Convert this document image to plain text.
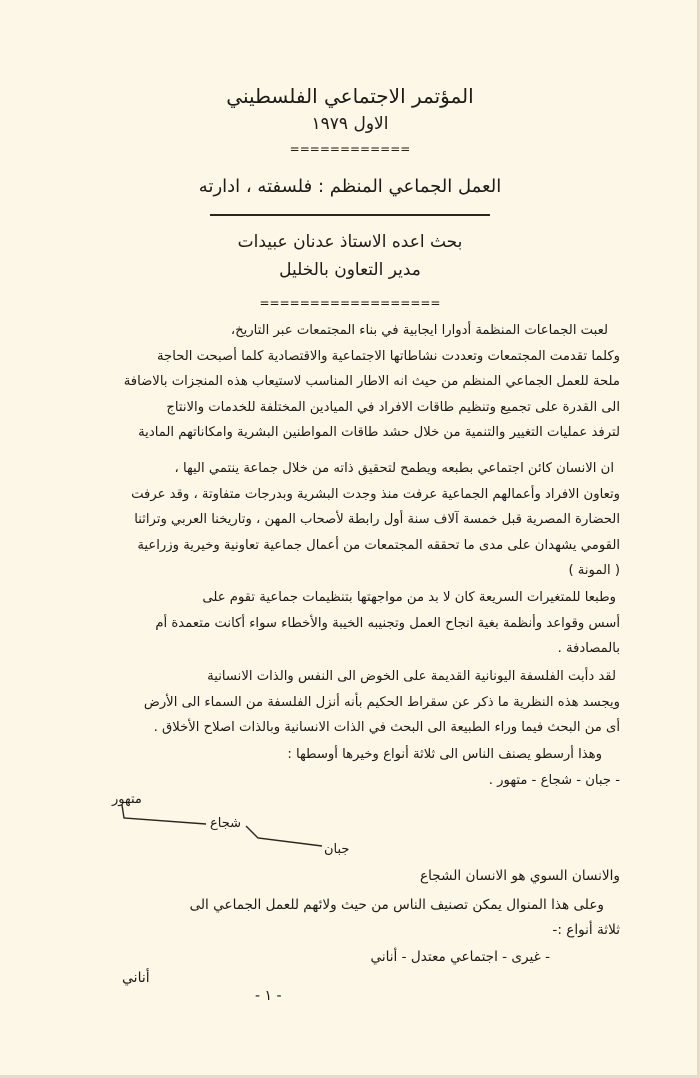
المؤتمر الاجتماعي الفلسطيني
الاول ١٩٧٩
============
العمل الجماعي المنظم : فلسفته ، ادارته
بحث اعده الاستاذ عدنان عبيدات
مدير التعاون بالخليل
==================
لعبت الجماعات المنظمة أدوارا ايجابية في بناء المجتمعات عبر التاريخ،
وكلما تقدمت المجتمعات وتعددت نشاطاتها الاجتماعية والاقتصادية كلما أصبحت الحاجة
ملحة للعمل الجماعي المنظم من حيث انه الاطار المناسب لاستيعاب هذه المنجزات بالاضافة
الى القدرة على تجميع وتنظيم طاقات الافراد في الميادين المختلفة للخدمات والانتاج
لترفد عمليات التغيير والتنمية من خلال حشد طاقات المواطنين البشرية وامكاناتهم المادية
ان الانسان كائن اجتماعي بطبعه ويطمح لتحقيق ذاته من خلال جماعة ينتمي اليها ،
وتعاون الافراد وأعمالهم الجماعية عرفت منذ وجدت البشرية وبدرجات متفاوتة ، وقد عرفت
الحضارة المصرية قبل خمسة آلاف سنة أول رابطة لأصحاب المهن ، وتاريخنا العربي وتراثنا
القومي يشهدان على مدى ما تحققه المجتمعات من أعمال جماعية تعاونية وخيرية وزراعية
( المونة )
وطبعا للمتغيرات السريعة كان لا بد من مواجهتها بتنظيمات جماعية تقوم على
أسس وقواعد وأنظمة بغية انجاح العمل وتجنيبه الخيبة والأخطاء سواء أكانت متعمدة أم
بالمصادفة .
لقد دأبت الفلسفة اليونانية القديمة على الخوض الى النفس والذات الانسانية
ويجسد هذه النظرية ما ذكر عن سقراط الحكيم بأنه أنزل الفلسفة من السماء الى الأرض
أى من البحث فيما وراء الطبيعة الى البحث في الذات الانسانية وبالذات اصلاح الأخلاق .
وهذا أرسطو يصنف الناس الى ثلاثة أنواع وخيرها أوسطها :
- جبان - شجاع - متهور .
متهور
شجاع
جبان
والانسان السوي هو الانسان الشجاع
وعلى هذا المنوال يمكن تصنيف الناس من حيث ولائهم للعمل الجماعي الى
ثلاثة أنواع :-
- غيرى - اجتماعي معتدل - أناني
أناني
- ١ -
